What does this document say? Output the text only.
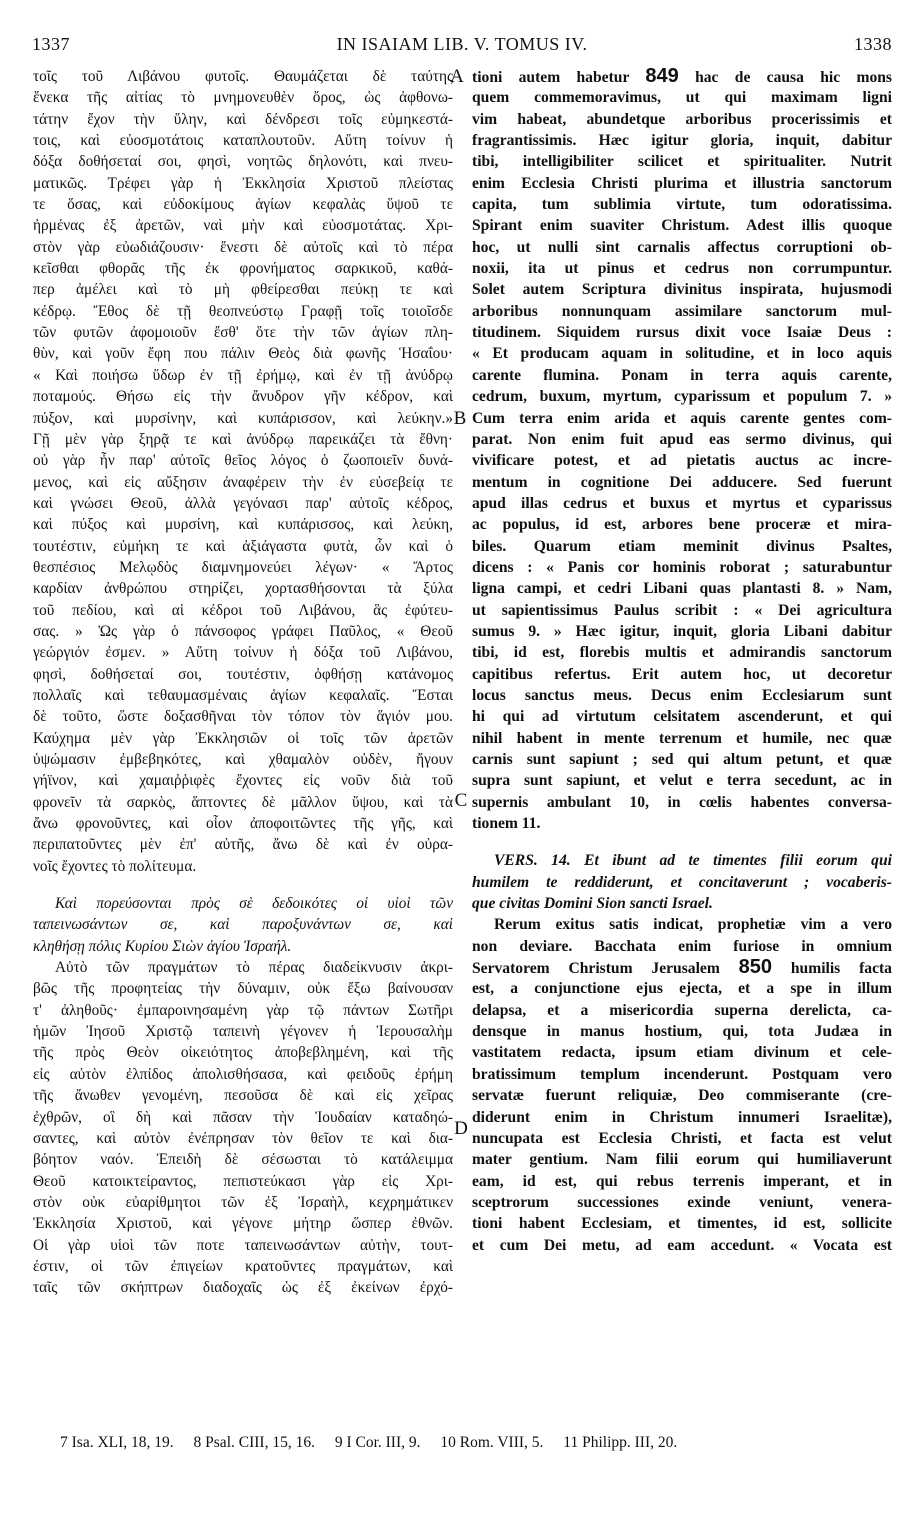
1337	IN ISAIAM LIB. V. TOMUS IV.	1338
τοῖς τοῦ Λιβάνου φυτοῖς. Θαυμάζεται δὲ ταύτης
ἕνεκα τῆς αἰτίας τὸ μνημονευθὲν ὄρος, ὡς ἀφθονω-
τάτην ἔχον τὴν ὕλην, καὶ δένδρεσι τοῖς εὐμηκεστά-
τοις, καὶ εὐοσμοτάτοις καταπλουτοῦν. Αὕτη τοίνυν ἡ
δόξα δοθήσεταί σοι, φησὶ, νοητῶς δηλονότι, καὶ πνευ-
ματικῶς. Τρέφει γὰρ ἡ Ἐκκλησία Χριστοῦ πλείστας
τε ὅσας, καὶ εὐδοκίμους ἁγίων κεφαλὰς ὕψοῦ τε
ἠρμένας ἐξ ἀρετῶν, ναὶ μὴν καὶ εὐοσμοτάτας. Χρι-
στὸν γὰρ εὐωδιάζουσιν· ἔνεστι δὲ αὐτοῖς καὶ τὸ πέρα
κεῖσθαι φθορᾶς τῆς ἐκ φρονήματος σαρκικοῦ, καθά-
περ ἀμέλει καὶ τὸ μὴ φθείρεσθαι πεύκῃ τε καὶ
κέδρῳ. Ἔθος δὲ τῇ θεοπνεύστῳ Γραφῇ τοῖς τοιοῖσδε
τῶν φυτῶν ἀφομοιοῦν ἔσθ' ὅτε τὴν τῶν ἁγίων πλη-
θὺν, καὶ γοῦν ἔφη που πάλιν Θεὸς διὰ φωνῆς Ἡσαΐου·
« Καὶ ποιήσω ὕδωρ ἐν τῇ ἐρήμῳ, καὶ ἐν τῇ ἀνύδρῳ
ποταμούς. Θήσω εἰς τὴν ἄνυδρον γῆν κέδρον, καὶ
πύξον, καὶ μυρσίνην, καὶ κυπάρισσον, καὶ λεύκην.»
Γῇ μὲν γὰρ ξηρᾷ τε καὶ ἀνύδρῳ παρεικάζει τὰ ἔθνη·
οὐ γὰρ ἦν παρ' αὐτοῖς θεῖος λόγος ὁ ζωοποιεῖν δυνά-
μενος, καὶ εἰς αὔξησιν ἀναφέρειν τὴν ἐν εὐσεβείᾳ τε
καὶ γνώσει Θεοῦ, ἀλλὰ γεγόνασι παρ' αὐτοῖς κέδρος,
καὶ πύξος καὶ μυρσίνη, καὶ κυπάρισσος, καὶ λεύκη,
τουτέστιν, εὐμήκη τε καὶ ἀξιάγαστα φυτὰ, ὧν καὶ ὁ
θεσπέσιος Μελῳδὸς διαμνημονεύει λέγων· « Ἄρτος
καρδίαν ἀνθρώπου στηρίζει, χορτασθήσονται τὰ ξύλα
τοῦ πεδίου, καὶ αἱ κέδροι τοῦ Λιβάνου, ἃς ἐφύτευ-
σας. » Ὡς γὰρ ὁ πάνσοφος γράφει Παῦλος, « Θεοῦ
γεώργιόν ἐσμεν. » Αὕτη τοίνυν ἡ δόξα τοῦ Λιβάνου,
φησὶ, δοθήσεταί σοι, τουτέστιν, ὀφθήσῃ κατάνομος
πολλαῖς καὶ τεθαυμασμέναις ἁγίων κεφαλαῖς. Ἔσται
δὲ τοῦτο, ὥστε δοξασθῆναι τὸν τόπον τὸν ἅγιόν μου.
Καύχημα μὲν γὰρ Ἐκκλησιῶν οἱ τοῖς τῶν ἀρετῶν
ὑψώμασιν ἐμβεβηκότες, καὶ χθαμαλὸν οὐδὲν, ἤγουν
γήϊνον, καὶ χαμαιῤῥιφὲς ἔχοντες εἰς νοῦν διὰ τοῦ
φρονεῖν τὰ σαρκὸς, ἅπτοντες δὲ μᾶλλον ὕψου, καὶ τὰ
ἄνω φρονοῦντες, καὶ οἷον ἀποφοιτῶντες τῆς γῆς, καὶ
περιπατοῦντες μὲν ἐπ' αὐτῆς, ἄνω δὲ καὶ ἐν οὐρα-
νοῖς ἔχοντες τὸ πολίτευμα.
Καὶ πορεύσονται πρὸς σὲ δεδοικότες οἱ υἱοὶ τῶν
ταπεινωσάντων σε, καὶ παροξυνάντων σε, καὶ
κληθήσῃ πόλις Κυρίου Σιὼν ἁγίου Ἰσραήλ.
Αὐτὸ τῶν πραγμάτων τὸ πέρας διαδείκνυσιν ἀκρι-
βῶς τῆς προφητείας τὴν δύναμιν, οὐκ ἔξω βαίνουσαν
τ' ἀληθοῦς· ἐμπαροινησαμένη γὰρ τῷ πάντων Σωτῆρι
ἡμῶν Ἰησοῦ Χριστῷ ταπεινὴ γέγονεν ἡ Ἱερουσαλὴμ
τῆς πρὸς Θεὸν οἰκειότητος ἀποβεβλημένη, καὶ τῆς
εἰς αὐτὸν ἐλπίδος ἀπολισθήσασα, καὶ φειδοῦς ἐρήμη
τῆς ἄνωθεν γενομένη, πεσοῦσα δὲ καὶ εἰς χεῖρας
ἐχθρῶν, οἳ δὴ καὶ πᾶσαν τὴν Ἰουδαίαν καταδηώ-
σαντες, καὶ αὐτὸν ἐνέπρησαν τὸν θεῖον τε καὶ δια-
βόητον ναόν. Ἐπειδὴ δὲ σέσωσται τὸ κατάλειμμα
Θεοῦ κατοικτείραντος, πεπιστεύκασι γὰρ εἰς Χρι-
στὸν οὐκ εὐαρίθμητοι τῶν ἐξ Ἰσραὴλ, κεχρημάτικεν
Ἐκκλησία Χριστοῦ, καὶ γέγονε μήτηρ ὥσπερ ἐθνῶν.
Οἱ γὰρ υἱοὶ τῶν ποτε ταπεινωσάντων αὐτὴν, τουτ-
έστιν, οἱ τῶν ἐπιγείων κρατοῦντες πραγμάτων, καὶ
ταῖς τῶν σκήπτρων διαδοχαῖς ὡς ἐξ ἐκείνων ἐρχό-
tioni autem habetur 849 hac de causa hic mons
quem commemoravimus, ut qui maximam ligni
vim habeat, abundetque arboribus procerissimis et
fragrantissimis. Hæc igitur gloria, inquit, dabitur
tibi, intelligibiliter scilicet et spiritualiter. Nutrit
enim Ecclesia Christi plurima et illustria sanctorum
capita, tum sublimia virtute, tum odoratissima.
Spirant enim suaviter Christum. Adest illis quoque
hoc, ut nulli sint carnalis affectus corruptioni ob-
noxii, ita ut pinus et cedrus non corrumpuntur.
Solet autem Scriptura divinitus inspirata, hujusmodi
arboribus nonnunquam assimilare sanctorum mul-
titudinem. Siquidem rursus dixit voce Isaiæ Deus :
« Et producam aquam in solitudine, et in loco aquis
carente flumina. Ponam in terra aquis carente,
cedrum, buxum, myrtum, cyparissum et populum 7. »
Cum terra enim arida et aquis carente gentes com-
parat. Non enim fuit apud eas sermo divinus, qui
vivificare potest, et ad pietatis auctus ac incre-
mentum in cognitione Dei adducere. Sed fuerunt
apud illas cedrus et buxus et myrtus et cyparissus
ac populus, id est, arbores bene proceræ et mira-
biles. Quarum etiam meminit divinus Psaltes,
dicens : « Panis cor hominis roborat ; saturabuntur
ligna campi, et cedri Libani quas plantasti 8. » Nam,
ut sapientissimus Paulus scribit : « Dei agricultura
sumus 9. » Hæc igitur, inquit, gloria Libani dabitur
tibi, id est, florebis multis et admirandis sanctorum
capitibus refertus. Erit autem hoc, ut decoretur
locus sanctus meus. Decus enim Ecclesiarum sunt
hi qui ad virtutum celsitatem ascenderunt, et qui
nihil habent in mente terrenum et humile, nec quæ
carnis sunt sapiunt ; sed qui altum petunt, et quæ
supra sunt sapiunt, et velut e terra secedunt, ac in
supernis ambulant 10, in cœlis habentes conversa-
tionem 11.
VERS. 14. Et ibunt ad te timentes filii eorum qui
humilem te reddiderunt, et concitaverunt ; vocaberis-
que civitas Domini Sion sancti Israel.
Rerum exitus satis indicat, prophetiæ vim a vero
non deviare. Bacchata enim furiose in omnium
Servatorem Christum Jerusalem 850 humilis facta
est, a conjunctione ejus ejecta, et a spe in illum
delapsa, et a misericordia superna derelicta, ca-
densque in manus hostium, qui, tota Judæa in
vastitatem redacta, ipsum etiam divinum et cele-
bratissimum templum incenderunt. Postquam vero
servatæ fuerunt reliquiæ, Deo commiserante (cre-
diderunt enim in Christum innumeri Israelitæ),
nuncupata est Ecclesia Christi, et facta est velut
mater gentium. Nam filii eorum qui humiliaverunt
eam, id est, qui rebus terrenis imperant, et in
sceptrorum successiones exinde veniunt, venera-
tioni habent Ecclesiam, et timentes, id est, sollicite
et cum Dei metu, ad eam accedunt. « Vocata est
A
B
C
D
7 Isa. XLI, 18, 19. 8 Psal. CIII, 15, 16. 9 I Cor. III, 9. 10 Rom. VIII, 5. 11 Philipp. III, 20.
